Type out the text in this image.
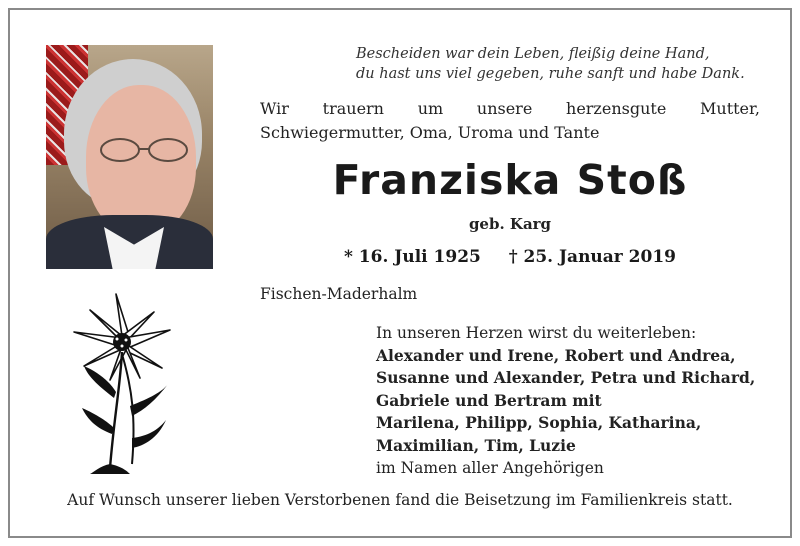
Bescheiden war dein Leben, fleißig deine Hand,
du hast uns viel gegeben, ruhe sanft und habe Dank.
Wir trauern um unsere herzensgute Mutter, Schwiegermutter, Oma, Uroma und Tante
Franziska Stoß
geb. Karg
* 16. Juli 1925 † 25. Januar 2019
Fischen-Maderhalm
In unseren Herzen wirst du weiterleben:
Alexander und Irene, Robert und Andrea,
Susanne und Alexander, Petra und Richard,
Gabriele und Bertram mit
Marilena, Philipp, Sophia, Katharina,
Maximilian, Tim, Luzie
im Namen aller Angehörigen
Auf Wunsch unserer lieben Verstorbenen fand die Beisetzung im Familienkreis statt.
